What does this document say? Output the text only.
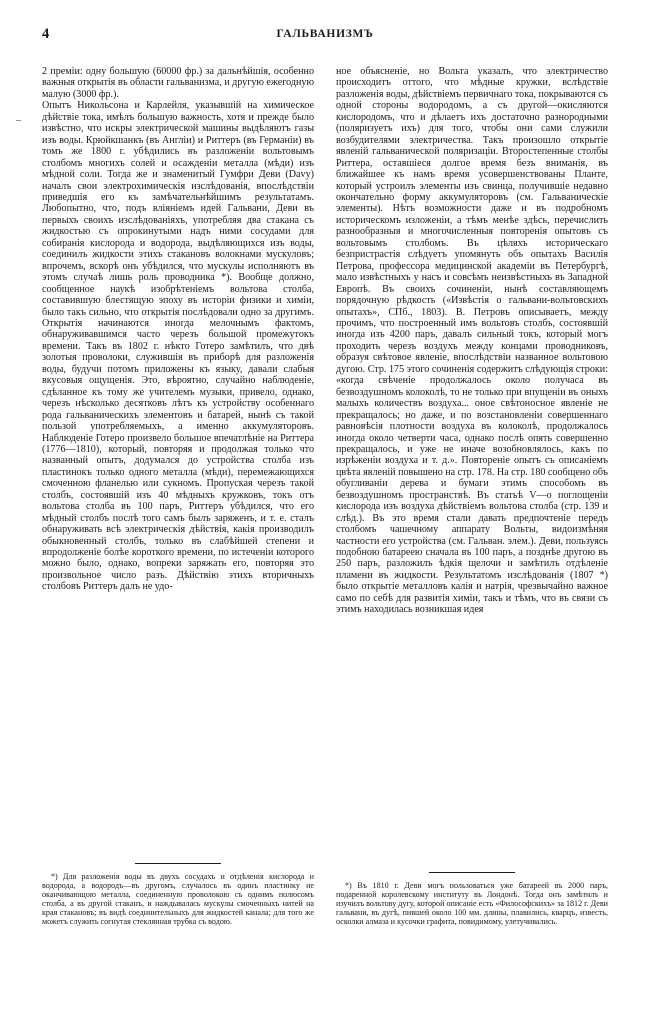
4	ГАЛЬВАНИЗМЪ

2 преміи: одну большую (60000 фр.) за дальнѣйшія, особенно важныя открытія въ области гальванизма, и другую ежегодную малую (3000 фр.).

Опытъ Никольсона и Карлейля, указывшій на химическое дѣйствіе тока, имѣлъ большую важность, хотя и прежде было извѣстно, что искры электрической машины выдѣляютъ газы изъ воды. Крюйкшанкъ (въ Англіи) и Риттеръ (въ Германіи) въ томъ же 1800 г. убѣдились въ разложеніи вольтовымъ столбомъ многихъ солей и осажденіи металла (мѣди) изъ мѣдной соли. Тогда же и знаменитый Гумфри Деви (Davy) началъ свои электрохимическія изслѣдованія, впослѣдствіи приведшія его къ замѣчательнѣйшимъ результатамъ. Любопытно, что, подъ вліяніемъ идей Гальвани, Деви въ первыхъ своихъ изслѣдованіяхъ, употребляя два стакана съ жидкостью съ опрокинутыми надъ ними сосудами для собиранія кислорода и водорода, выдѣляющихся изъ воды, соединилъ жидкости этихъ стакановъ волокнами мускуловъ; впрочемъ, вскорѣ онъ убѣдился, что мускулы исполняютъ въ этомъ случаѣ лишь роль проводника *). Вообще должно, сообщенное наукѣ изобрѣтеніемъ вольтова столба, составившую блестящую эпоху въ исторіи физики и химіи, было такъ сильно, что открытія послѣдовали одно за другимъ. Открытія начинаются иногда мелочнымъ фактомъ, обнаруживавшимся часто черезъ большой промежутокъ времени. Такъ въ 1802 г. нѣкто Готеро замѣтилъ, что двѣ золотыя проволоки, служившія въ приборѣ для разложенія воды, будучи потомъ приложены къ языку, давали слабыя вкусовыя ощущенія. Это, вѣроятно, случайно наблюденіе, сдѣланное къ тому же учителемъ музыки, привело, однако, черезъ нѣсколько десятковъ лѣтъ къ устройству особеннаго рода гальваническихъ элементовъ и батарей, нынѣ съ такой пользой употребляемыхъ, а именно аккумуляторовъ. Наблюденіе Готеро произвело большое впечатлѣніе на Риттера (1776—1810), который, повторяя и продолжая только что названный опытъ, додумался до устройства столба изъ пластинокъ только одного металла (мѣди), перемежающихся смоченною фланелью или сукномъ. Пропуская черезъ такой столбъ, состоявшій изъ 40 мѣдныхъ кружковъ, токъ отъ вольтова столба въ 100 паръ, Риттеръ убѣдился, что его мѣдный столбъ послѣ того самъ былъ заряженъ, и т. е. сталъ обнаруживать всѣ электрическія дѣйствія, какія производилъ обыкновенный столбъ, только въ слабѣйшей степени и впродолженіе болѣе короткого времени, по истеченіи которого можно было, однако, вопреки заряжать его, повторяя это произвольное число разъ. Дѣйствію этихъ вторичныхъ столбовъ Риттеръ далъ не удо-

*) Для разложенія воды въ двухъ сосудахъ и отдѣленія кислорода и водорода, а водородъ—въ другомъ, случалось въ одинъ пластинку не оканчивающою металла, соединенную проволокою съ однимъ полюсомъ столба, а въ другой стаканъ, и наждывалась мускулы смоченныхъ нитей на края стакановъ; въ видѣ соединительныхъ для жидкостей канала; для того же можетъ служить согнутая стеклянная трубка съ водою.

ное объясненіе, но Вольта указалъ, что электричество происходитъ оттого, что мѣдные кружки, вслѣдствіе разложенія воды, дѣйствіемъ первичнаго тока, покрываются съ одной стороны водородомъ, а съ другой—окисляются кислородомъ, что и дѣлаетъ ихъ достаточно разнородными (поляризуетъ ихъ) для того, чтобы они сами служили возбудителями электричества. Такъ произошло открытіе явленій гальванической поляризаціи. Второстепенные столбы Риттера, оставшіеся долгое время безъ вниманія, въ ближайшее къ намъ время усовершенствованы Планте, который устроилъ элементы изъ свинца, получившіе недавно окончательно форму аккумуляторовъ (см. Гальваническіе элементы). Нѣтъ возможности даже и въ подробномъ историческомъ изложеніи, а тѣмъ менѣе здѣсь, перечислить разнообразныя и многочисленныя повторенія опытовъ съ вольтовымъ столбомъ. Въ цѣляхъ историческаго безпристрастія слѣдуетъ упомянуть объ опытахъ Василія Петрова, профессора медицинской академіи въ Петербургѣ, мало извѣстныхъ у насъ и совсѣмъ неизвѣстныхъ въ Западной Европѣ. Въ своихъ сочиненіи, нынѣ составляющемъ порядочную рѣдкость («Извѣстія о гальвани-вольтовскихъ опытахъ», СПб., 1803). В. Петровъ описываетъ, между прочимъ, что построенный имъ вольтовъ столбъ, состоявшій иногда изъ 4200 паръ, давалъ сильный токъ, который могъ проходить черезъ воздухъ между концами проводниковъ, образуя свѣтовое явленіе, впослѣдствіи названное вольтовою дугою. Стр. 175 этого сочиненія содержитъ слѣдующія строки: «когда свѣченіе продолжалось около получаса въ безвоздушномъ колоколѣ, то не только при впущеніи въ оныхъ малыхъ количествъ воздуха... оное свѣтоносное явленіе не прекращалось; но даже, и по возстановленіи совершеннаго равновѣсія плотности воздуха въ колоколѣ, продолжалось иногда около четверти часа, однако послѣ опять совершенно прекращалось, и уже не иначе возобновлялось, какъ по изрѣженіи воздуха и т. д.». Повтореніе опытъ съ описаніемъ цвѣта явленій повышено на стр. 178. На стр. 180 сообщено объ обугливаніи дерева и бумаги этимъ способомъ въ безвоздушномъ пространствѣ. Въ статьѣ V—о поглощеніи кислорода изъ воздуха дѣйствіемъ вольтова столба (стр. 139 и слѣд.). Въ это время стали давать предпочтеніе передъ столбомъ чашечному аппарату Вольты, видоизмѣняя частности его устройства (см. Гальван. элем.). Деви, пользуясь подобною батареею сначала въ 100 паръ, а позднѣе другою въ 250 паръ, разложилъ ѣдкія щелочи и замѣтилъ отдѣленіе пламени въ жидкости. Результатомъ изслѣдованія (1807 *) было открытіе металловъ калія и натрія, чрезвычайно важное само по себѣ для развитія химіи, такъ и тѣмъ, что въ связи съ этимъ находилась возникшая идея

*) Въ 1810 г. Деви могъ пользоваться уже батареей въ 2000 паръ, подаренной королевскому институту въ Лондонѣ. Тогда онъ замѣтилъ и изучилъ вольтову дугу, которой описаніе есть «Философскихъ» за 1812 г. Деви гальвани, въ дугѣ, пившей около 100 мм. длины, плавились, кварцъ, известь, осколки алмаза и кусочки графита, повидимому, улетучивались.
